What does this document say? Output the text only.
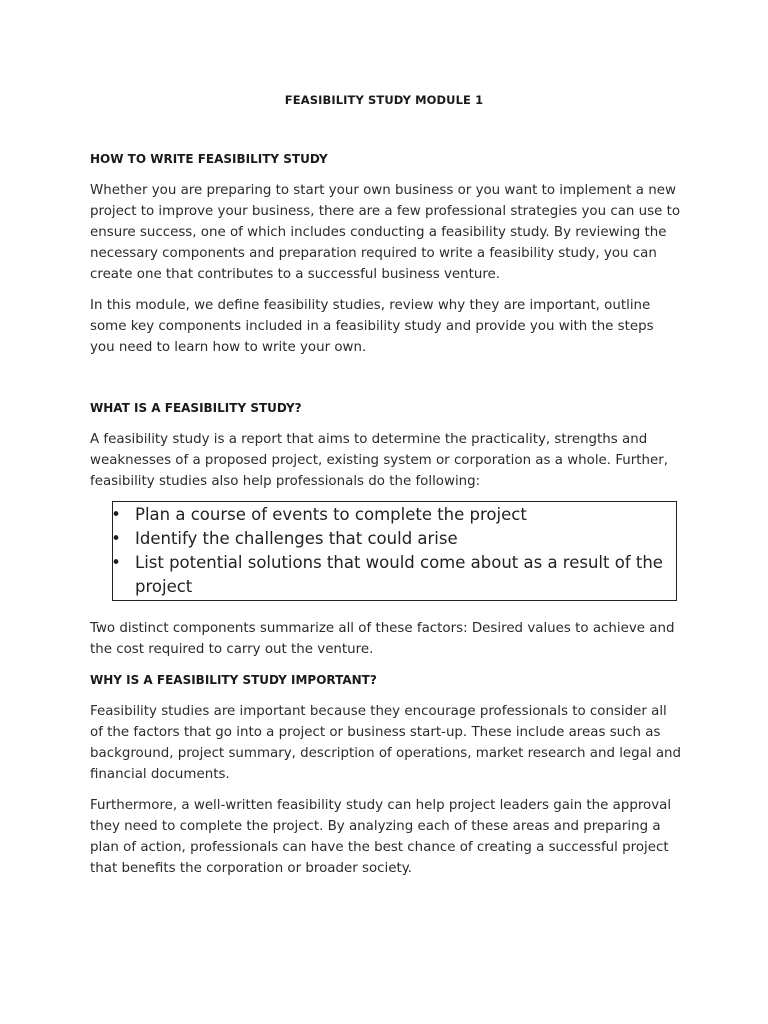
FEASIBILITY STUDY MODULE 1
HOW TO WRITE FEASIBILITY STUDY

Whether you are preparing to start your own business or you want to implement a new project to improve your business, there are a few professional strategies you can use to ensure success, one of which includes conducting a feasibility study. By reviewing the necessary components and preparation required to write a feasibility study, you can create one that contributes to a successful business venture.

In this module, we define feasibility studies, review why they are important, outline some key components included in a feasibility study and provide you with the steps you need to learn how to write your own.

WHAT IS A FEASIBILITY STUDY?

A feasibility study is a report that aims to determine the practicality, strengths and weaknesses of a proposed project, existing system or corporation as a whole. Further, feasibility studies also help professionals do the following:

• Plan a course of events to complete the project
• Identify the challenges that could arise
• List potential solutions that would come about as a result of the project

Two distinct components summarize all of these factors: Desired values to achieve and the cost required to carry out the venture.

WHY IS A FEASIBILITY STUDY IMPORTANT?

Feasibility studies are important because they encourage professionals to consider all of the factors that go into a project or business start-up. These include areas such as background, project summary, description of operations, market research and legal and financial documents.

Furthermore, a well-written feasibility study can help project leaders gain the approval they need to complete the project. By analyzing each of these areas and preparing a plan of action, professionals can have the best chance of creating a successful project that benefits the corporation or broader society.
